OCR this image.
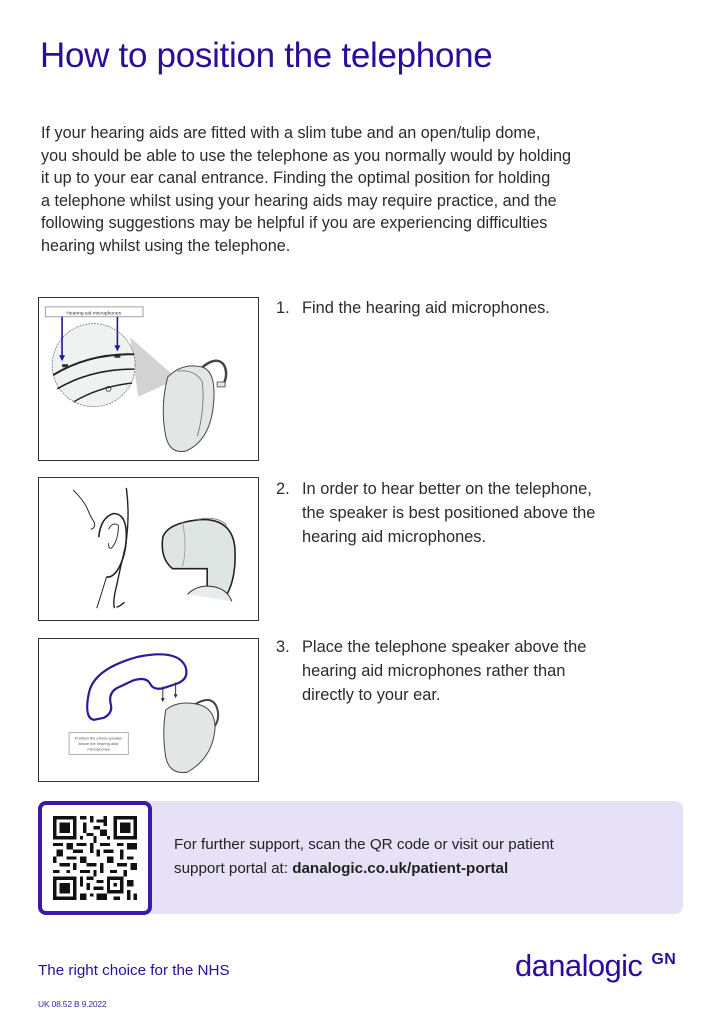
How to position the telephone

If your hearing aids are fitted with a slim tube and an open/tulip dome,

you should be able to use the telephone as you normally would by holding

it up to your ear canal entrance. Finding the optimal position for holding

a telephone whilst using your hearing aids may require practice, and the

following suggestions may be helpful if you are experiencing difficulties

hearing whilst using the telephone.

Hearing aid microphones
Position the phone speaker
above the hearing aids'
microphones
1. Find the hearing aid microphones.
2. In order to hear better on the telephone,
the speaker is best positioned above the
hearing aid microphones.
3. Place the telephone speaker above the
hearing aid microphones rather than
directly to your ear.
For further support, scan the QR code or visit our patient
support portal at: danalogic.co.uk/patient-portal
The right choice for the NHS
UK 08.52 B 9.2022
danalogic GN
